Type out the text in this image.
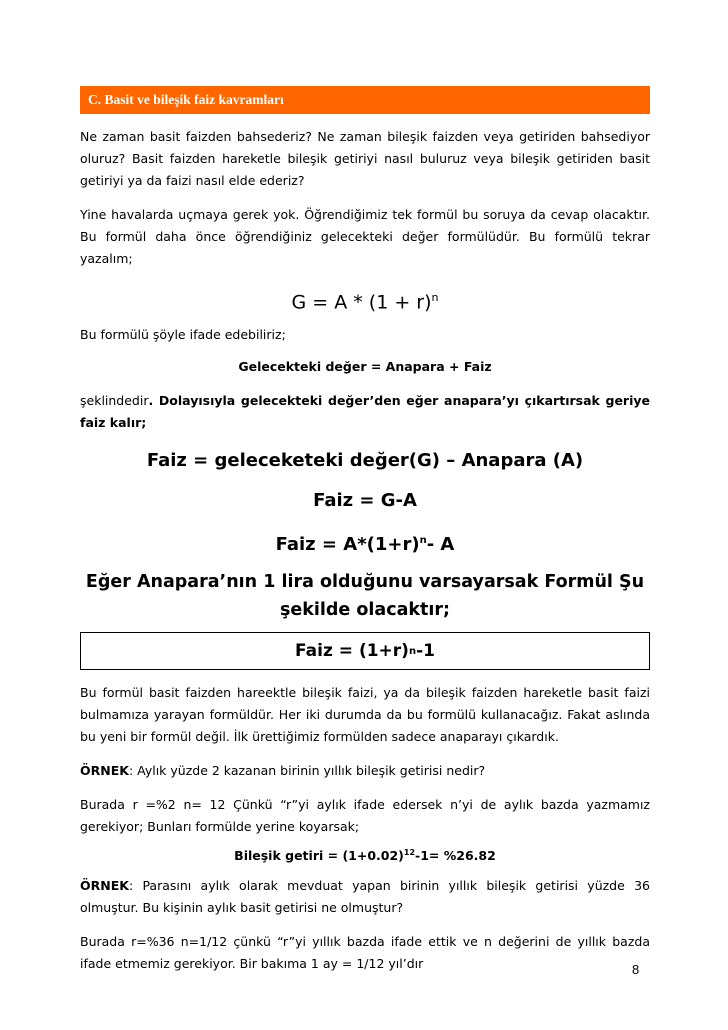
C. Basit ve bileşik faiz kavramları

Ne zaman basit faizden bahsederiz? Ne zaman bileşik faizden veya getiriden bahsediyor oluruz? Basit faizden hareketle bileşik getiriyi nasıl buluruz veya bileşik getiriden basit getiriyi ya da faizi nasıl elde ederiz?

Yine havalarda uçmaya gerek yok. Öğrendiğimiz tek formül bu soruya da cevap olacaktır. Bu formül daha önce öğrendiğiniz gelecekteki değer formülüdür. Bu formülü tekrar yazalım;

$G = A * (1 + r)^n$

Bu formülü şöyle ifade edebiliriz;

Gelecekteki değer = Anapara + Faiz

şeklindedir. Dolayısıyla gelecekteki değer’den eğer anapara’yı çıkartırsak geriye faiz kalır;

Faiz = geleceketeki değer(G) – Anapara (A)
Faiz = G-A
Faiz = $A*(1+r)^n-$ A
Eğer Anapara’nın 1 lira olduğunu varsayarsak Formül Şu şekilde olacaktır;
Faiz = (1+r) n -1

Bu formül basit faizden hareektle bileşik faizi, ya da bileşik faizden hareketle basit faizi bulmamıza yarayan formüldür. Her iki durumda da bu formülü kullanacağız. Fakat aslında bu yeni bir formül değil. İlk ürettiğimiz formülden sadece anaparayı çıkardık.

ÖRNEK: Aylık yüzde 2 kazanan birinin yıllık bileşik getirisi nedir?

Burada r =%2 n= 12 Çünkü “r”yi aylık ifade edersek n’yi de aylık bazda yazmamız gerekiyor; Bunları formülde yerine koyarsak;

Bileşik getiri = $(1+0.02)^{12}-1= \%26.82$

ÖRNEK: Parasını aylık olarak mevduat yapan birinin yıllık bileşik getirisi yüzde 36 olmuştur. Bu kişinin aylık basit getirisi ne olmuştur?

Burada r=%36 n=1/12 çünkü “r”yi yıllık bazda ifade ettik ve n değerini de yıllık bazda ifade etmemiz gerekiyor. Bir bakıma 1 ay = 1/12 yıl’dır	8
